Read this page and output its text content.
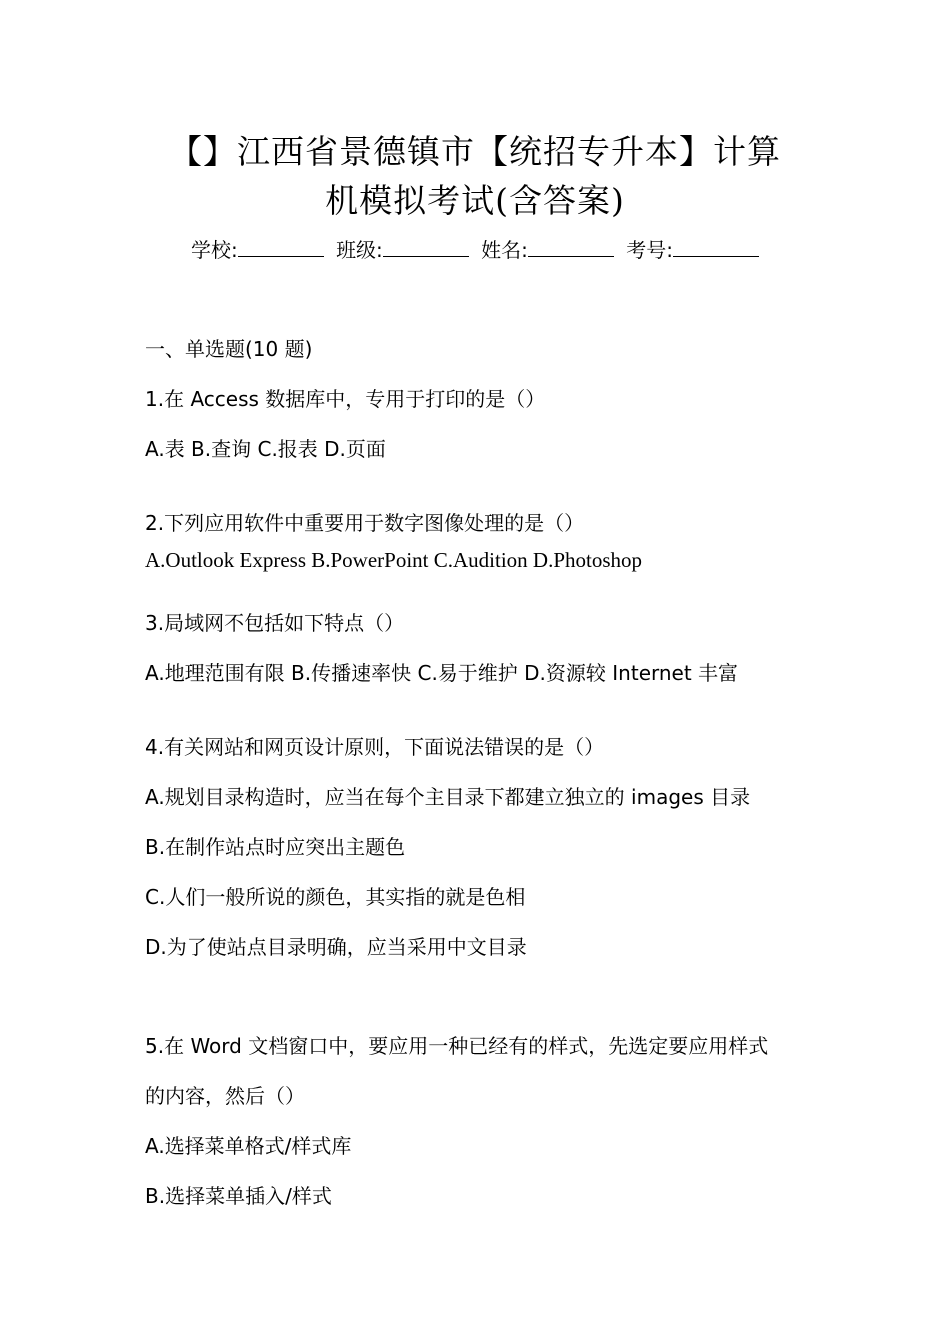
【】江西省景德镇市【统招专升本】计算
机模拟考试(含答案)
学校:	班级:	姓名:	考号:
一、单选题(10 题)
1.在 Access 数据库中，专用于打印的是（）
A.表 B.查询 C.报表 D.页面
2.下列应用软件中重要用于数字图像处理的是（）
A.Outlook Express B.PowerPoint C.Audition D.Photoshop
3.局域网不包括如下特点（）
A.地理范围有限 B.传播速率快 C.易于维护 D.资源较 Internet 丰富
4.有关网站和网页设计原则，下面说法错误的是（）
A.规划目录构造时，应当在每个主目录下都建立独立的 images 目录
B.在制作站点时应突出主题色
C.人们一般所说的颜色，其实指的就是色相
D.为了使站点目录明确，应当采用中文目录
5.在 Word 文档窗口中，要应用一种已经有的样式，先选定要应用样式
的内容，然后（）
A.选择菜单格式/样式库
B.选择菜单插入/样式
